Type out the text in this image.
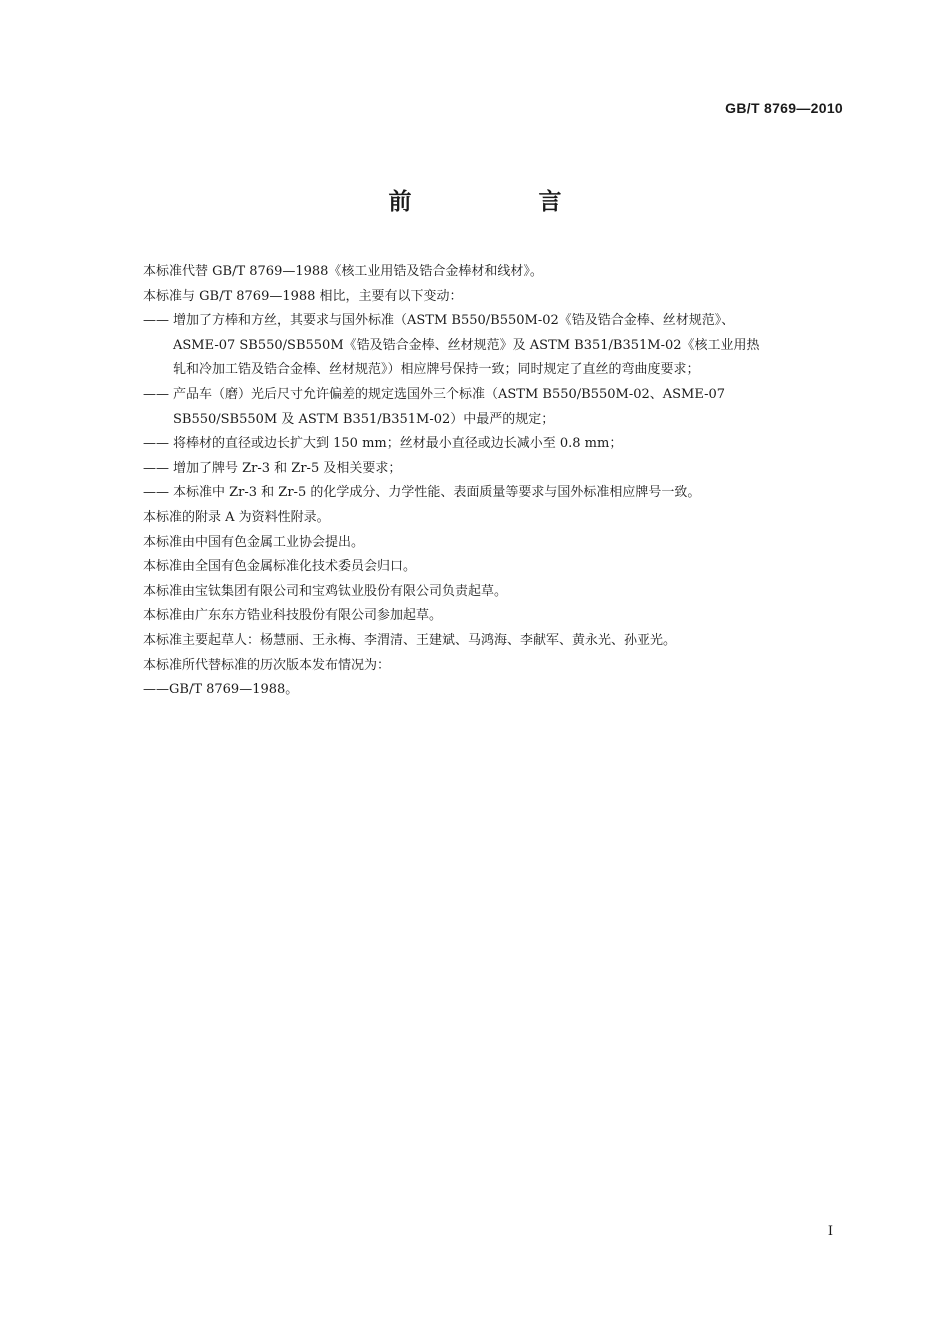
GB/T 8769—2010
前　言

本标准代替 GB/T 8769—1988《核工业用锆及锆合金棒材和线材》。

本标准与 GB/T 8769—1988 相比，主要有以下变动：

—— 增加了方棒和方丝，其要求与国外标准（ASTM B550/B550M-02《锆及锆合金棒、丝材规范》、
ASME-07 SB550/SB550M《锆及锆合金棒、丝材规范》及 ASTM B351/B351M-02《核工业用热
轧和冷加工锆及锆合金棒、丝材规范》）相应牌号保持一致；同时规定了直丝的弯曲度要求；
—— 产品车（磨）光后尺寸允许偏差的规定选国外三个标准（ASTM B550/B550M-02、ASME-07
SB550/SB550M 及 ASTM B351/B351M-02）中最严的规定；
—— 将棒材的直径或边长扩大到 150 mm；丝材最小直径或边长减小至 0.8 mm；
—— 增加了牌号 Zr-3 和 Zr-5 及相关要求；
—— 本标准中 Zr-3 和 Zr-5 的化学成分、力学性能、表面质量等要求与国外标准相应牌号一致。

本标准的附录 A 为资料性附录。

本标准由中国有色金属工业协会提出。

本标准由全国有色金属标准化技术委员会归口。

本标准由宝钛集团有限公司和宝鸡钛业股份有限公司负责起草。

本标准由广东东方锆业科技股份有限公司参加起草。

本标准主要起草人：杨慧丽、王永梅、李渭清、王建斌、马鸿海、李献军、黄永光、孙亚光。

本标准所代替标准的历次版本发布情况为：

——GB/T 8769—1988。

I
